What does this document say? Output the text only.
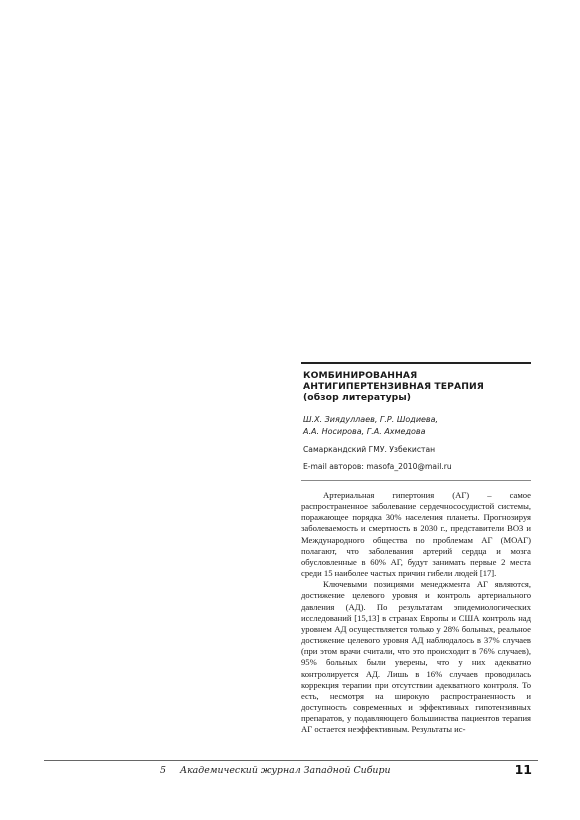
КОМБИНИРОВАННАЯ
АНТИГИПЕРТЕНЗИВНАЯ ТЕРАПИЯ
(обзор литературы)
Ш.Х. Зиядуллаев, Г.Р. Шодиева,
А.А. Носирова, Г.А. Ахмедова
Самаркандский ГМУ. Узбекистан
E-mail авторов: masofa_2010@mail.ru

Артериальная гипертония (АГ) – самое распространенное заболевание сердечнососудистой системы, поражающее порядка 30% населения планеты. Прогнозируя заболеваемость и смертность в 2030 г., представители ВОЗ и Международного общества по проблемам АГ (МОАГ) полагают, что заболевания артерий сердца и мозга обусловленные в 60% АГ, будут занимать первые 2 места среди 15 наиболее частых причин гибели людей [17].

Ключевыми позициями менеджмента АГ являются, достижение целевого уровня и контроль артериального давления (АД). По результатам эпидемиологических исследований [15,13] в странах Европы и США контроль над уровнем АД осуществляется только у 28% больных, реальное достижение целевого уровня АД наблюдалось в 37% случаев (при этом врачи считали, что это происходит в 76% случаев), 95% больных были уверены, что у них адекватно контролируется АД. Лишь в 16% случаев проводилась коррекция терапии при отсутствии адекватного контроля. То есть, несмотря на широкую распространенность и доступность современных и эффективных гипотензивных препаратов, у подавляющего большинства пациентов терапия АГ остается неэффективным. Результаты ис-

5 Академический журнал Западной Сибири	11
